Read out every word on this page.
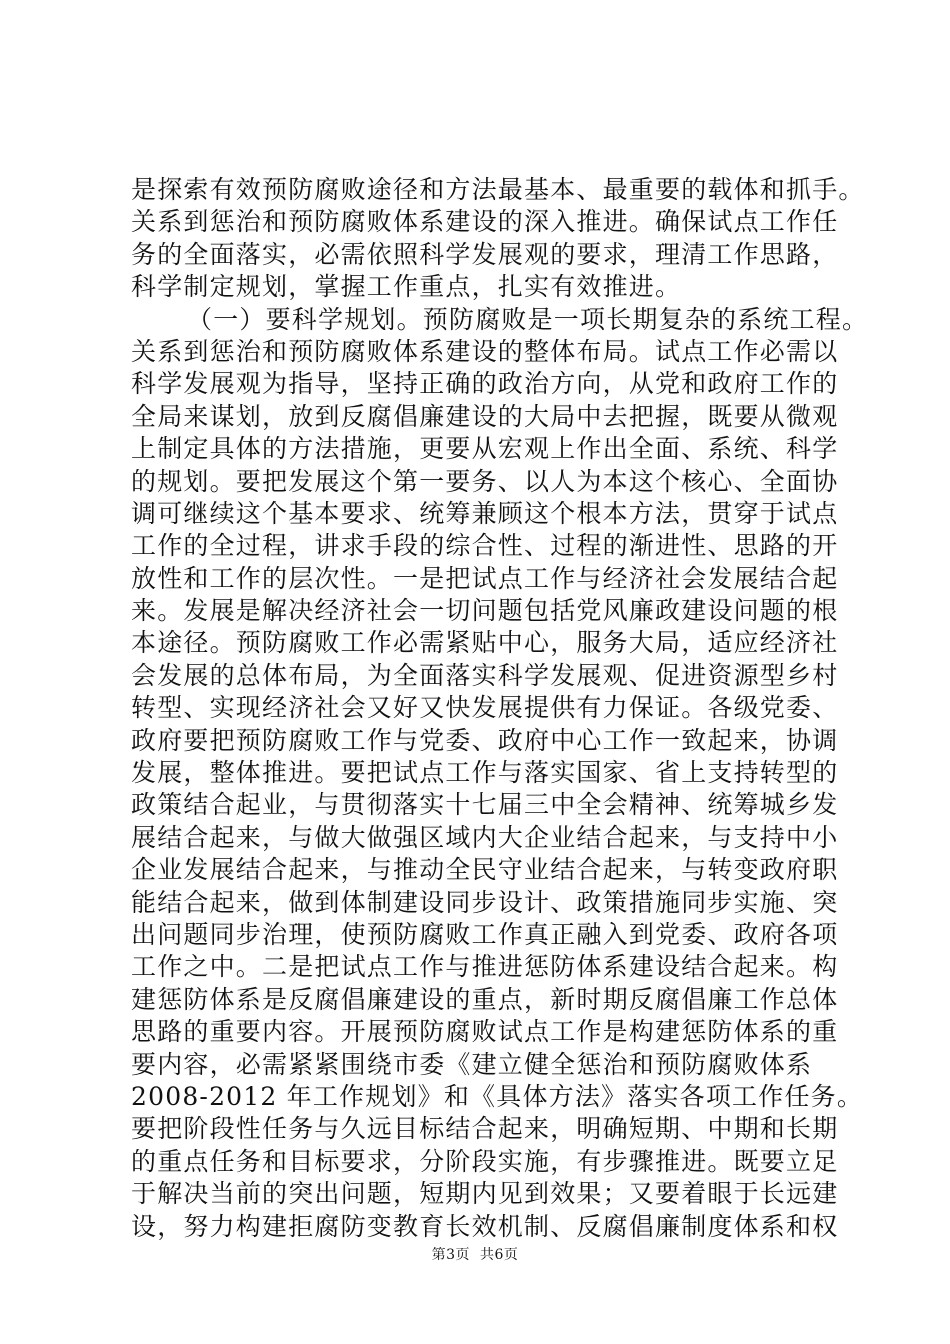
是探索有效预防腐败途径和方法最基本、最重要的载体和抓手。
关系到惩治和预防腐败体系建设的深入推进。确保试点工作任
务的全面落实，必需依照科学发展观的要求，理清工作思路，
科学制定规划，掌握工作重点，扎实有效推进。
（一）要科学规划。预防腐败是一项长期复杂的系统工程。
关系到惩治和预防腐败体系建设的整体布局。试点工作必需以
科学发展观为指导，坚持正确的政治方向，从党和政府工作的
全局来谋划，放到反腐倡廉建设的大局中去把握，既要从微观
上制定具体的方法措施，更要从宏观上作出全面、系统、科学
的规划。要把发展这个第一要务、以人为本这个核心、全面协
调可继续这个基本要求、统筹兼顾这个根本方法，贯穿于试点
工作的全过程，讲求手段的综合性、过程的渐进性、思路的开
放性和工作的层次性。一是把试点工作与经济社会发展结合起
来。发展是解决经济社会一切问题包括党风廉政建设问题的根
本途径。预防腐败工作必需紧贴中心，服务大局，适应经济社
会发展的总体布局，为全面落实科学发展观、促进资源型乡村
转型、实现经济社会又好又快发展提供有力保证。各级党委、
政府要把预防腐败工作与党委、政府中心工作一致起来，协调
发展，整体推进。要把试点工作与落实国家、省上支持转型的
政策结合起业，与贯彻落实十七届三中全会精神、统筹城乡发
展结合起来，与做大做强区域内大企业结合起来，与支持中小
企业发展结合起来，与推动全民守业结合起来，与转变政府职
能结合起来，做到体制建设同步设计、政策措施同步实施、突
出问题同步治理，使预防腐败工作真正融入到党委、政府各项
工作之中。二是把试点工作与推进惩防体系建设结合起来。构
建惩防体系是反腐倡廉建设的重点，新时期反腐倡廉工作总体
思路的重要内容。开展预防腐败试点工作是构建惩防体系的重
要内容，必需紧紧围绕市委《建立健全惩治和预防腐败体系
2008-2012 年工作规划》和《具体方法》落实各项工作任务。
要把阶段性任务与久远目标结合起来，明确短期、中期和长期
的重点任务和目标要求，分阶段实施，有步骤推进。既要立足
于解决当前的突出问题，短期内见到效果；又要着眼于长远建
设，努力构建拒腐防变教育长效机制、反腐倡廉制度体系和权
第3页  共6页
